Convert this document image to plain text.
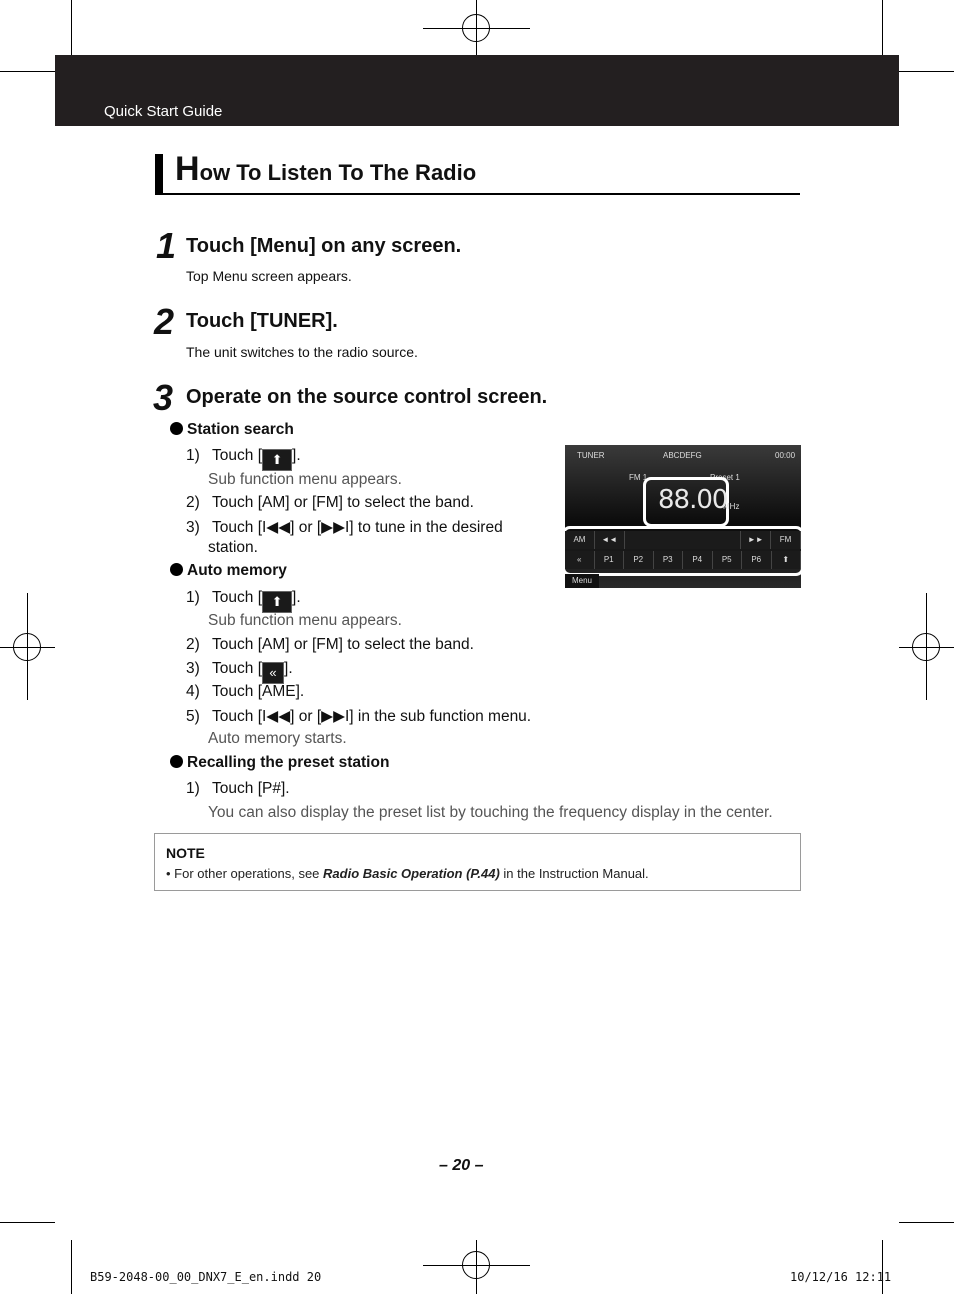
Quick Start Guide
How To Listen To The Radio
1 Touch [Menu] on any screen.
Top Menu screen appears.
2 Touch [TUNER].
The unit switches to the radio source.
3 Operate on the source control screen.
Station search
1) Touch [ ⬆ ].
Sub function menu appears.
2) Touch [AM] or [FM] to select the band.
3) Touch [I◀◀] or [▶▶I] to tune in the desired
station.
Auto memory
1) Touch [ ⬆ ].
Sub function menu appears.
2) Touch [AM] or [FM] to select the band.
3) Touch [ « ].
4) Touch [AME].
5) Touch [I◀◀] or [▶▶I] in the sub function menu.
Auto memory starts.
Recalling the preset station
1) Touch [P#].
You can also display the preset list by touching the frequency display in the center.
TUNER	ABCDEFG	00:00
FM 1	Preset 1
88.00
MHz
AM	◄◄	►►	FM
«	P1	P2	P3	P4	P5	P6	⬆
Menu
NOTE
• For other operations, see Radio Basic Operation (P.44) in the Instruction Manual.
– 20 –
B59-2048-00_00_DNX7_E_en.indd 20	10/12/16 12:11
